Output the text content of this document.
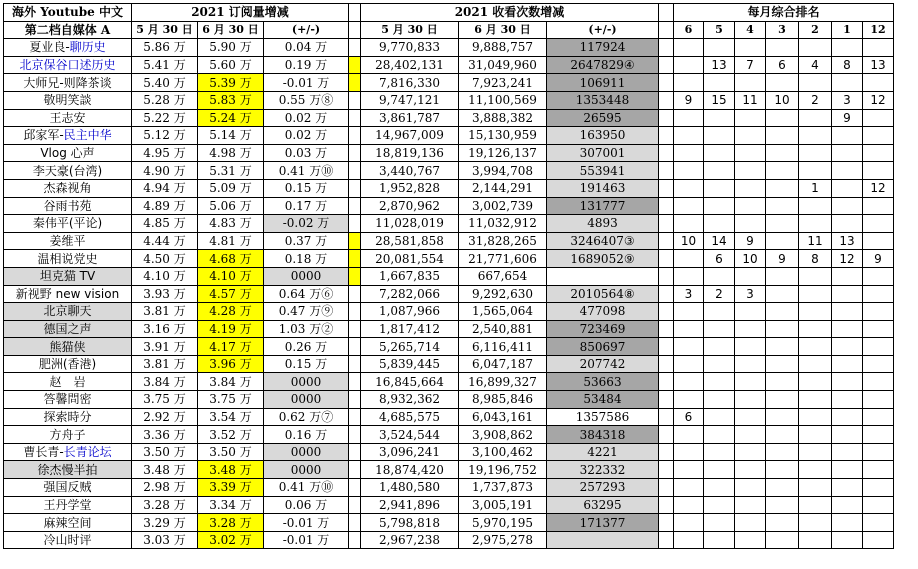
海外 Youtube 中文	2021 订阅量增减				2021 收看次数增减				每月综合排名						
第二档自媒体 A	5 月 30 日	6 月 30 日	(+/-)		5 月 30 日	6 月 30 日	(+/-)		6	5	4	3	2	1	12
夏业良-聊历史	5.86 万	5.90 万	0.04 万		9,770,833	9,888,757	117924								
北京保谷口述历史	5.41 万	5.60 万	0.19 万		28,402,131	31,049,960	2647829④			13	7	6	4	8	13
大师兄-则降茶谈	5.40 万	5.39 万	-0.01 万		7,816,330	7,923,241	106911								
敬明笑談	5.28 万	5.83 万	0.55 万⑧		9,747,121	11,100,569	1353448		9	15	11	10	2	3	12
王志安	5.22 万	5.24 万	0.02 万		3,861,787	3,888,382	26595							9	
邱家军-民主中华	5.12 万	5.14 万	0.02 万		14,967,009	15,130,959	163950								
Vlog 心声	4.95 万	4.98 万	0.03 万		18,819,136	19,126,137	307001								
李天豪(台湾)	4.90 万	5.31 万	0.41 万⑩		3,440,767	3,994,708	553941								
杰森视角	4.94 万	5.09 万	0.15 万		1,952,828	2,144,291	191463						1		12
谷雨书苑	4.89 万	5.06 万	0.17 万		2,870,962	3,002,739	131777								
秦伟平(平论)	4.85 万	4.83 万	-0.02 万		11,028,019	11,032,912	4893								
姜维平	4.44 万	4.81 万	0.37 万		28,581,858	31,828,265	3246407③		10	14	9		11	13	
温相说党史	4.50 万	4.68 万	0.18 万		20,081,554	21,771,606	1689052⑨			6	10	9	8	12	9
坦克猫 TV	4.10 万	4.10 万	0000		1,667,835	667,654									
新视野 new vision	3.93 万	4.57 万	0.64 万⑥		7,282,066	9,292,630	2010564⑧		3	2	3				
北京聊天	3.81 万	4.28 万	0.47 万⑨		1,087,966	1,565,064	477098								
德国之声	3.16 万	4.19 万	1.03 万②		1,817,412	2,540,881	723469								
熊猫侠	3.91 万	4.17 万	0.26 万		5,265,714	6,116,411	850697								
肥洲(香港)	3.81 万	3.96 万	0.15 万		5,839,445	6,047,187	207742								
赵　岩	3.84 万	3.84 万	0000		16,845,664	16,899,327	53663								
答馨問密	3.75 万	3.75 万	0000		8,932,362	8,985,846	53484								
探索時分	2.92 万	3.54 万	0.62 万⑦		4,685,575	6,043,161	1357586		6						
方舟子	3.36 万	3.52 万	0.16 万		3,524,544	3,908,862	384318								
曹长青-长青论坛	3.50 万	3.50 万	0000		3,096,241	3,100,462	4221								
徐杰慢半拍	3.48 万	3.48 万	0000		18,874,420	19,196,752	322332								
强国反贼	2.98 万	3.39 万	0.41 万⑩		1,480,580	1,737,873	257293								
王丹学堂	3.28 万	3.34 万	0.06 万		2,941,896	3,005,191	63295								
麻辣空间	3.29 万	3.28 万	-0.01 万		5,798,818	5,970,195	171377								
冷山时评	3.03 万	3.02 万	-0.01 万		2,967,238	2,975,278									
